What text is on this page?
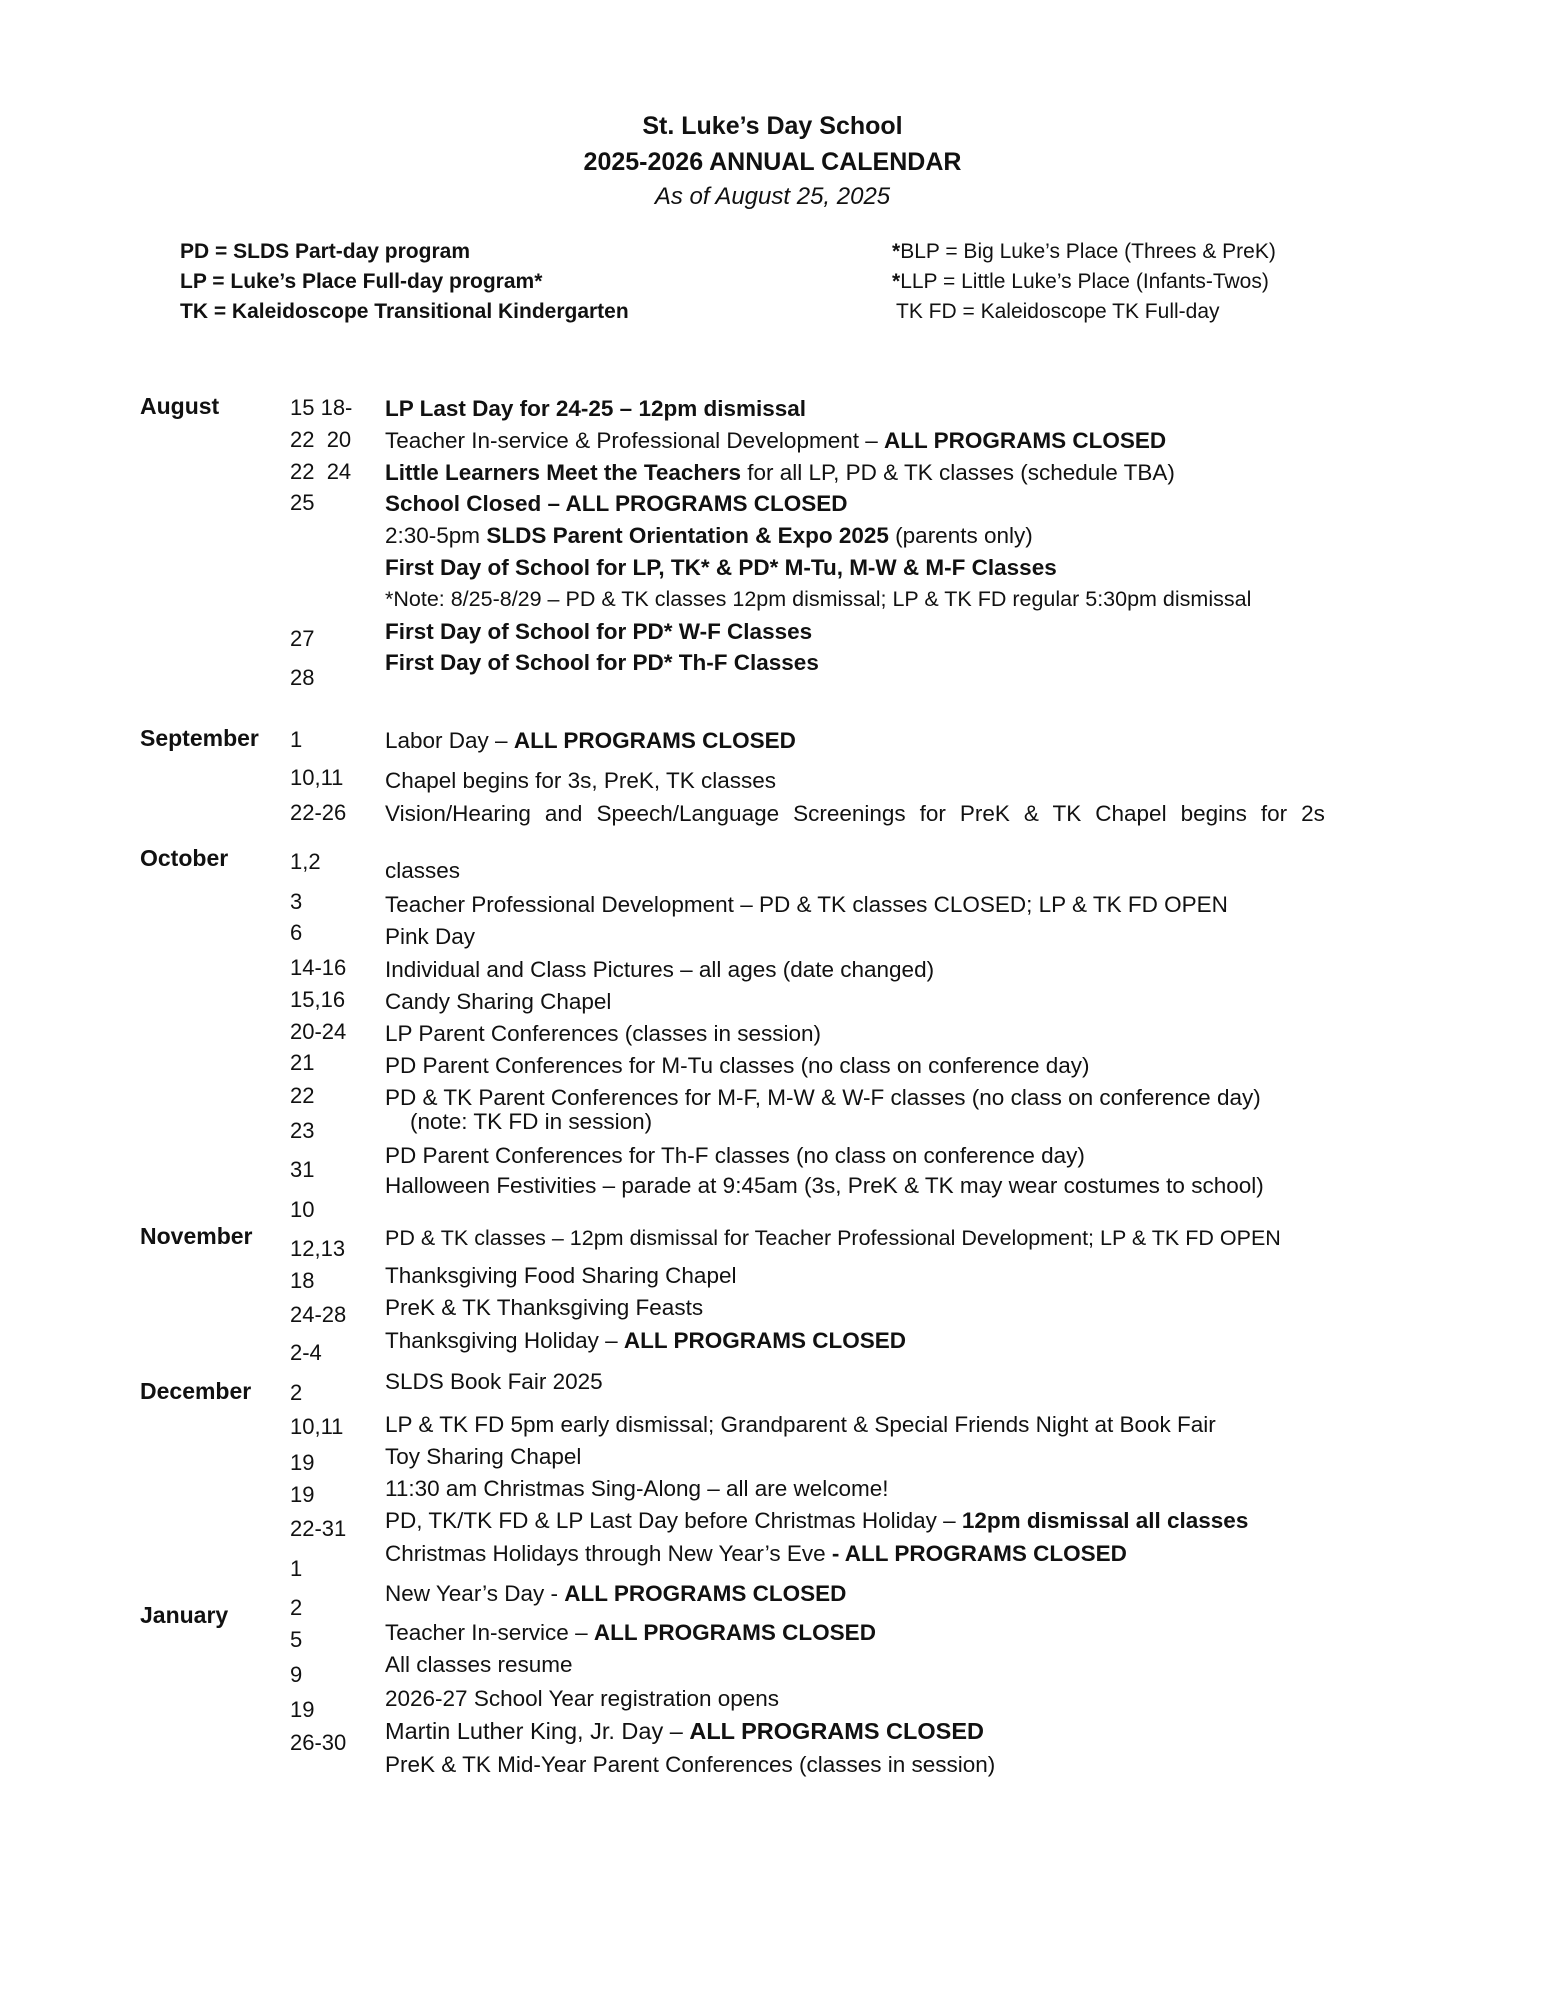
St. Luke’s Day School
2025-2026 ANNUAL CALENDAR
As of August 25, 2025
PD = SLDS Part-day program
LP = Luke’s Place Full-day program*
TK = Kaleidoscope Transitional Kindergarten
*BLP = Big Luke’s Place (Threes & PreK)
*LLP = Little Luke’s Place (Infants-Twos)
TK FD = Kaleidoscope TK Full-day
August
September
October
November
December
January
15 18-
22  20
22  24
25
27
28
1
10,11
22-26
1,2
3
6
14-16
15,16
20-24
21
22
23
31
10
12,13
18
24-28
2-4
2
10,11
19
19
22-31
1
2
5
9
19
26-30
LP Last Day for 24-25 – 12pm dismissal
Teacher In-service & Professional Development – ALL PROGRAMS CLOSED
Little Learners Meet the Teachers for all LP, PD & TK classes (schedule TBA)
School Closed – ALL PROGRAMS CLOSED
2:30-5pm SLDS Parent Orientation & Expo 2025 (parents only)
First Day of School for LP, TK* & PD* M-Tu, M-W & M-F Classes
*Note: 8/25-8/29 – PD & TK classes 12pm dismissal; LP & TK FD regular 5:30pm dismissal
First Day of School for PD* W-F Classes
First Day of School for PD* Th-F Classes
Labor Day – ALL PROGRAMS CLOSED
Chapel begins for 3s, PreK, TK classes
Vision/Hearing and Speech/Language Screenings for PreK & TK Chapel begins for 2s
classes
Teacher Professional Development – PD & TK classes CLOSED; LP & TK FD OPEN
Pink Day
Individual and Class Pictures – all ages (date changed)
Candy Sharing Chapel
LP Parent Conferences (classes in session)
PD Parent Conferences for M-Tu classes (no class on conference day)
PD & TK Parent Conferences for M-F, M-W & W-F classes (no class on conference day)
(note: TK FD in session)
PD Parent Conferences for Th-F classes (no class on conference day)
Halloween Festivities – parade at 9:45am (3s, PreK & TK may wear costumes to school)
PD & TK classes – 12pm dismissal for Teacher Professional Development; LP & TK FD OPEN
Thanksgiving Food Sharing Chapel
PreK & TK Thanksgiving Feasts
Thanksgiving Holiday – ALL PROGRAMS CLOSED
SLDS Book Fair 2025
LP & TK FD 5pm early dismissal; Grandparent & Special Friends Night at Book Fair
Toy Sharing Chapel
11:30 am Christmas Sing-Along – all are welcome!
PD, TK/TK FD & LP Last Day before Christmas Holiday – 12pm dismissal all classes
Christmas Holidays through New Year’s Eve - ALL PROGRAMS CLOSED
New Year’s Day - ALL PROGRAMS CLOSED
Teacher In-service – ALL PROGRAMS CLOSED
All classes resume
2026-27 School Year registration opens
Martin Luther King, Jr. Day – ALL PROGRAMS CLOSED
PreK & TK Mid-Year Parent Conferences (classes in session)
